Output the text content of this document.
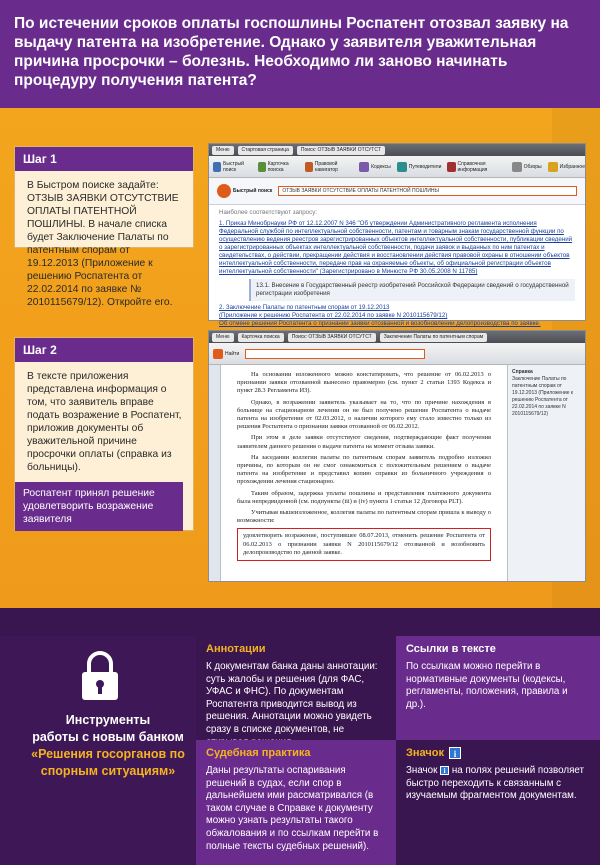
По истечении сроков оплаты госпошлины Роспатент отозвал заявку на выдачу патента на изобретение. Однако у заявителя уважительная причина просрочки – болезнь. Необходимо ли заново начинать процедуру получения патента?
Шаг 1
В Быстром поиске задайте: ОТЗЫВ ЗАЯВКИ ОТСУТСТВИЕ ОПЛАТЫ ПАТЕНТНОЙ ПОШЛИНЫ. В начале списка будет Заключение Палаты по патентным спорам от 19.12.2013 (Приложение к решению Роспатента от 22.02.2014 по заявке № 2010115679/12). Откройте его.
Меню	Стартовая страница	Поиск: ОТЗЫВ ЗАЯВКИ ОТСУТСТ
Быстрый поиск
Карточка поиска
Правовой навигатор	Кодексы	Путеводители	Справочная информация	Обзоры	Избранное
Быстрый поиск	ОТЗЫВ ЗАЯВКИ ОТСУТСТВИЕ ОПЛАТЫ ПАТЕНТНОЙ ПОШЛИНЫ
Наиболее соответствуют запросу:
1. Приказ Минобрнауки РФ от 12.12.2007 N 346 "Об утверждении Административного регламента исполнения Федеральной службой по интеллектуальной собственности, патентам и товарным знакам государственной функции по осуществлению ведения реестров зарегистрированных объектов интеллектуальной собственности, публикации сведений о зарегистрированных объектах интеллектуальной собственности, подачи заявок и выданных по ним патентах и свидетельствах, о действии, прекращении действия и восстановлении действия правовой охраны в отношении объектов интеллектуальной собственности, передаче прав на охраняемые объекты, об официальной регистрации объектов интеллектуальной собственности" (Зарегистрировано в Минюсте РФ 30.05.2008 N 11785)
13.1. Внесение в Государственный реестр изобретений Российской Федерации сведений о государственной регистрации изобретения
2. Заключение Палаты по патентным спорам от 19.12.2013
(Приложение к решению Роспатента от 22.02.2014 по заявке N 2010115679/12)
Об отмене решения Роспатента о признании заявки отозванной и возобновлении делопроизводства по заявке.
Шаг 2
В тексте приложения представлена информация о том, что заявитель вправе подать возражение в Роспатент, приложив документы об уважительной причине просрочки оплаты (справка из больницы).
Роспатент принял решение удовлетворить возражение заявителя
Меню	Карточка поиска	Поиск: ОТЗЫВ ЗАЯВКИ ОТСУТСТ	Заключение Палаты по патентным спорам
Найти
Справка
Заключение Палаты по патентным спорам от 19.12.2013 (Приложение к решению Роспатента от 22.02.2014 по заявке N 2010115679/12)

На основании изложенного можно констатировать, что решение от 06.02.2013 о признании заявки отозванной вынесено правомерно (см. пункт 2 статьи 1393 Кодекса и пункт 28.3 Регламента ИЗ).

Однако, в возражении заявитель указывает на то, что по причине нахождения в больнице на стационарном лечении он не был получено решение Роспатента о выдаче патента на изобретение от 02.03.2012, о наличии которого ему стало известно только из решения Роспатента о признании заявки отозванной от 06.02.2012.

При этом в деле заявки отсутствуют сведения, подтверждающие факт получения заявителем данного решения о выдаче патента на момент отзыва заявки.

На заседании коллегии палаты по патентным спорам заявитель подробно изложил причины, по которым он не смог ознакомиться с положительным решением о выдаче патента на изобретение и представил копию справки из больничного учреждения о прохождении лечения стационарно.

Таким образом, задержка уплаты пошлины и представления платежного документа была непредвиденной (см. подпункты (iii) и (iv) пункта 1 статьи 12 Договора PLT).

Учитывая вышеизложенное, коллегия палаты по патентным спорам пришла к выводу о возможности:

удовлетворить возражение, поступившее 08.07.2013, отменить решение Роспатента от 06.02.2013 о признании заявки N 2010115679/12 отозванной и возобновить делопроизводство по данной заявке.
Инструменты
работы с новым банком
«Решения госорганов по спорным ситуациям»
Аннотации

К документам банка даны аннотации: суть жалобы и решения (для ФАС, УФАС и ФНС). По документам Роспатента приводится вывод из решения. Аннотации можно увидеть сразу в списке документов, не

Ссылки в тексте

По ссылкам можно перейти в нормативные документы (кодексы, регламенты, положения, правила и др.).

Судебная практика

Даны результаты оспаривания решений в судах, если спор в дальнейшем ими рассматривался (в таком случае в Справке к документу можно узнать результаты такого обжалования и по ссылкам перейти в полные тексты судебных решений).

Значок	i

Значок i на полях решений позволяет быстро переходить к связанным с изучаемым фрагментом документам.
